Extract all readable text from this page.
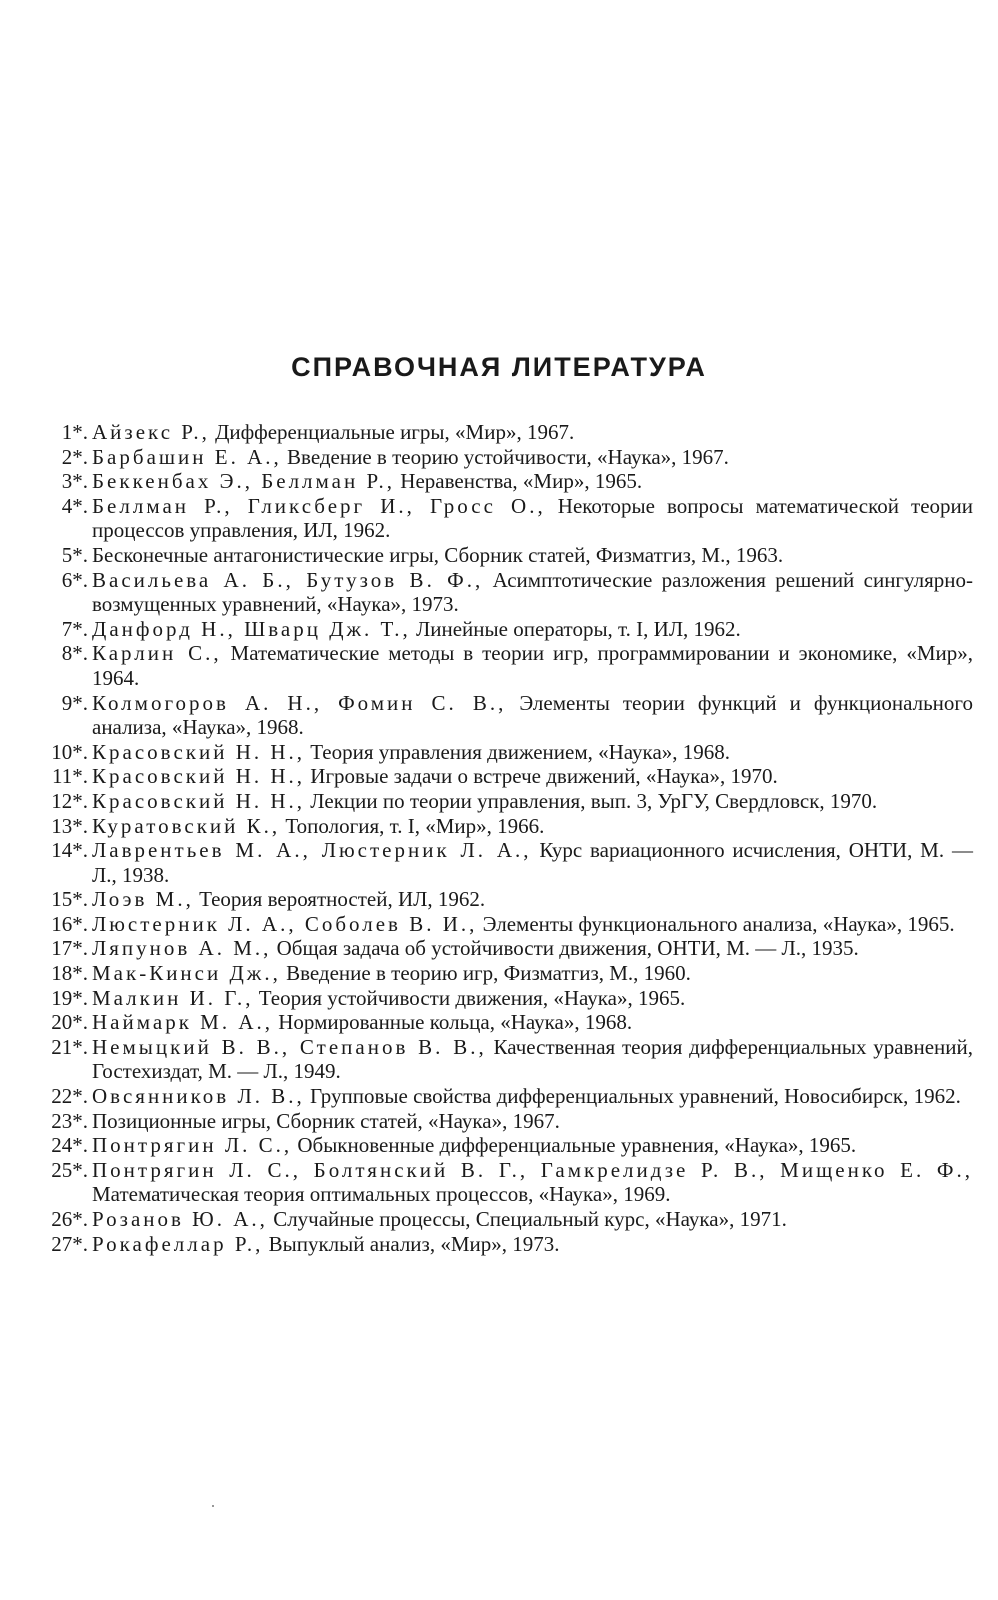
СПРАВОЧНАЯ ЛИТЕРАТУРА
1*. Айзекс Р., Дифференциальные игры, «Мир», 1967.
2*. Барбашин Е. А., Введение в теорию устойчивости, «Наука», 1967.
3*. Беккенбах Э., Беллман Р., Неравенства, «Мир», 1965.
4*. Беллман Р., Гликсберг И., Гросс О., Некоторые вопросы математической теории процессов управления, ИЛ, 1962.
5*. Бесконечные антагонистические игры, Сборник статей, Физматгиз, М., 1963.
6*. Васильева А. Б., Бутузов В. Ф., Асимптотические разложения решений сингулярно-возмущенных уравнений, «Наука», 1973.
7*. Данфорд Н., Шварц Дж. Т., Линейные операторы, т. I, ИЛ, 1962.
8*. Карлин С., Математические методы в теории игр, программировании и экономике, «Мир», 1964.
9*. Колмогоров А. Н., Фомин С. В., Элементы теории функций и функционального анализа, «Наука», 1968.
10*. Красовский Н. Н., Теория управления движением, «Наука», 1968.
11*. Красовский Н. Н., Игровые задачи о встрече движений, «Наука», 1970.
12*. Красовский Н. Н., Лекции по теории управления, вып. 3, УрГУ, Свердловск, 1970.
13*. Куратовский К., Топология, т. I, «Мир», 1966.
14*. Лаврентьев М. А., Люстерник Л. А., Курс вариационного исчисления, ОНТИ, М. — Л., 1938.
15*. Лоэв М., Теория вероятностей, ИЛ, 1962.
16*. Люстерник Л. А., Соболев В. И., Элементы функционального анализа, «Наука», 1965.
17*. Ляпунов А. М., Общая задача об устойчивости движения, ОНТИ, М. — Л., 1935.
18*. Мак-Кинси Дж., Введение в теорию игр, Физматгиз, М., 1960.
19*. Малкин И. Г., Теория устойчивости движения, «Наука», 1965.
20*. Наймарк М. А., Нормированные кольца, «Наука», 1968.
21*. Немыцкий В. В., Степанов В. В., Качественная теория дифференциальных уравнений, Гостехиздат, М. — Л., 1949.
22*. Овсянников Л. В., Групповые свойства дифференциальных уравнений, Новосибирск, 1962.
23*. Позиционные игры, Сборник статей, «Наука», 1967.
24*. Понтрягин Л. С., Обыкновенные дифференциальные уравнения, «Наука», 1965.
25*. Понтрягин Л. С., Болтянский В. Г., Гамкрелидзе Р. В., Мищенко Е. Ф., Математическая теория оптимальных процессов, «Наука», 1969.
26*. Розанов Ю. А., Случайные процессы, Специальный курс, «Наука», 1971.
27*. Рокафеллар Р., Выпуклый анализ, «Мир», 1973.
